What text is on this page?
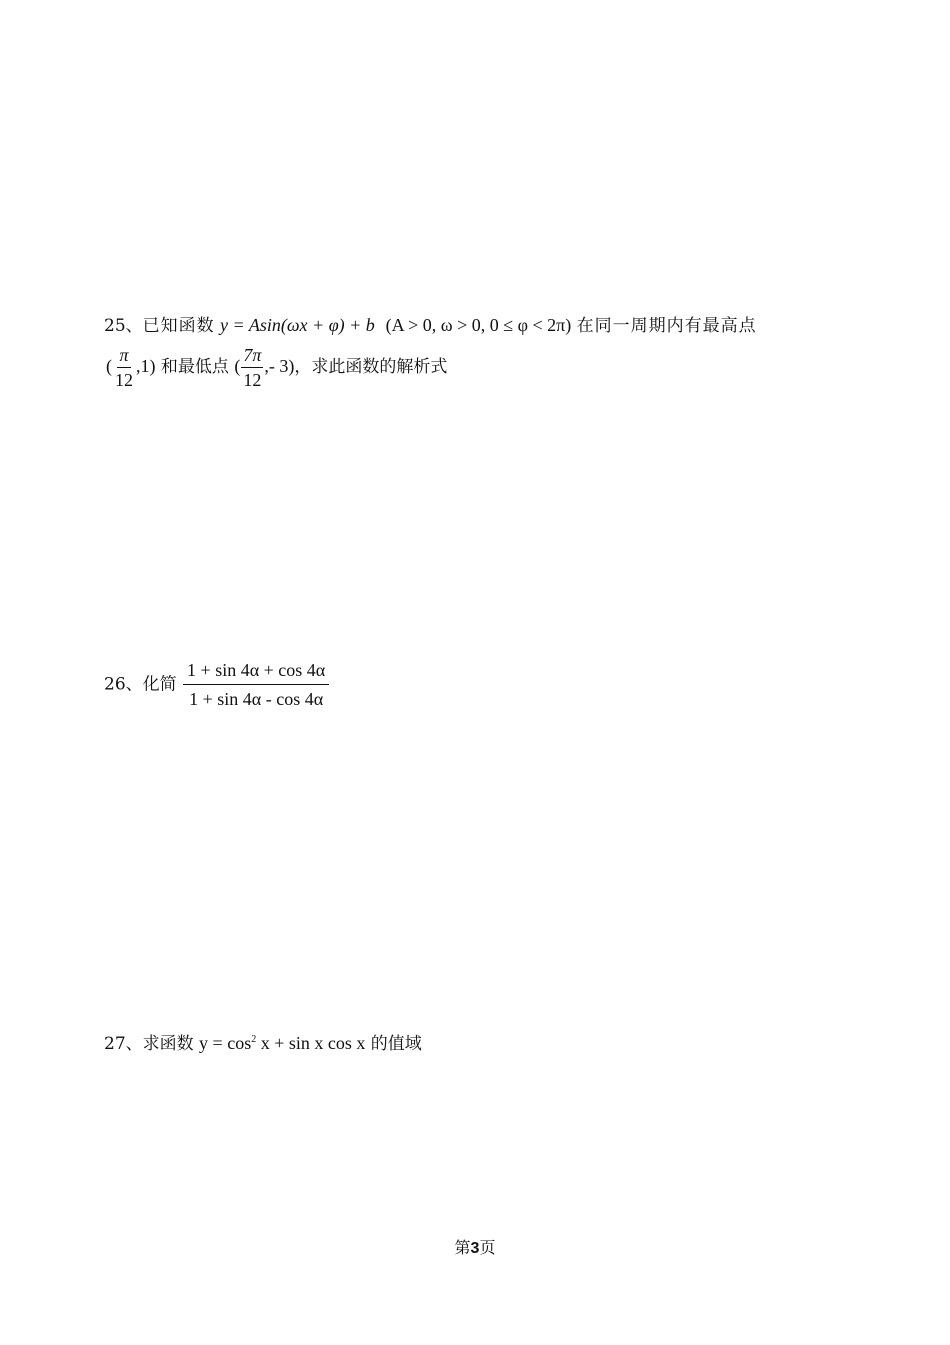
25、已知函数 y = Asin(ωx + φ) + b (A > 0, ω > 0, 0 ≤ φ < 2π) 在同一周期内有最高点
( $\frac{\pi}{12} ,1$) 和最低点 ( $\frac{7\pi}{12}$ ,- 3)，求此函数的解析式
26、化简 $\frac{1 + \sin 4\alpha + \cos 4\alpha}{1 + \sin 4\alpha - \cos 4\alpha}$
27、求函数 $y = \cos^2 x + \sin x$ cos x 的值域
第3页
